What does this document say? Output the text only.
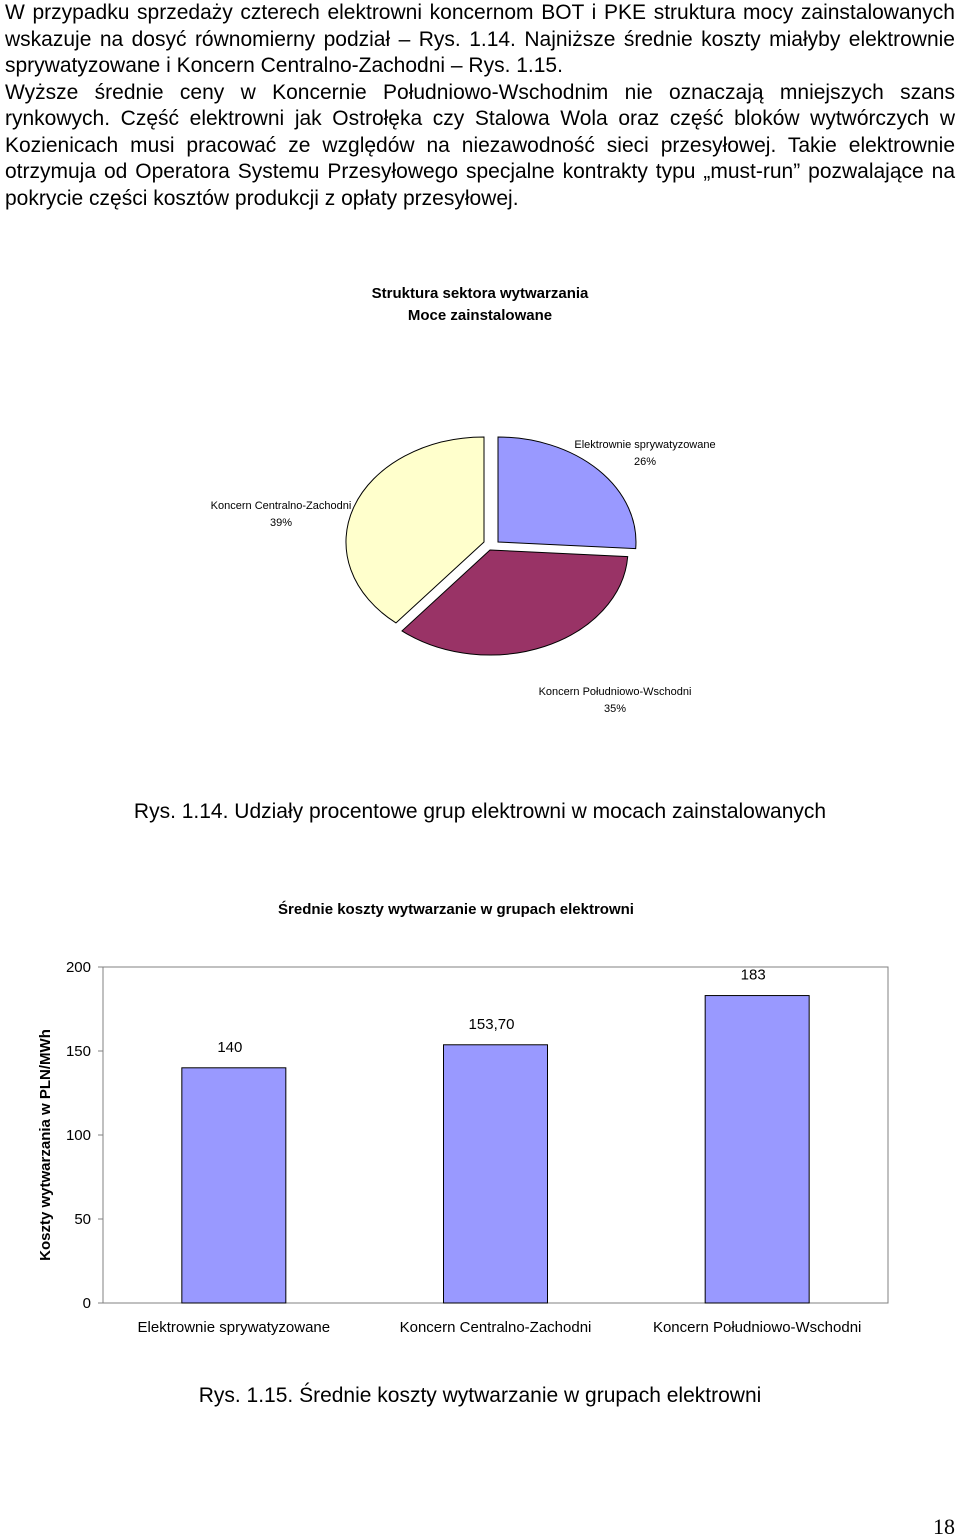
W przypadku sprzedaży czterech elektrowni koncernom BOT i PKE struktura mocy zainstalowanych wskazuje na dosyć równomierny podział – Rys. 1.14. Najniższe średnie koszty miałyby elektrownie sprywatyzowane i Koncern Centralno-Zachodni – Rys. 1.15.

Wyższe średnie ceny w Koncernie Południowo-Wschodnim nie oznaczają mniejszych szans rynkowych. Część elektrowni jak Ostrołęka czy Stalowa Wola oraz część bloków wytwórczych w Kozienicach musi pracować ze względów na niezawodność sieci przesyłowej. Takie elektrownie otrzymuja od Operatora Systemu Przesyłowego specjalne kontrakty typu „must-run” pozwalające na pokrycie części kosztów produkcji z opłaty przesyłowej.

Struktura sektora wytwarzania
Moce zainstalowane
Elektrownie sprywatyzowane
26%
Koncern Południowo-Wschodni
35%
Koncern Centralno-Zachodni
39%
Rys. 1.14. Udziały procentowe grup elektrowni w mocach zainstalowanych
Średnie koszty wytwarzanie w grupach elektrowni
Koszty wytwarzania w PLN/MWh
0
50
100
150
200
140
Elektrownie sprywatyzowane
153,70
Koncern Centralno-Zachodni
183
Koncern Południowo-Wschodni
Rys. 1.15. Średnie koszty wytwarzanie w grupach elektrowni
18
